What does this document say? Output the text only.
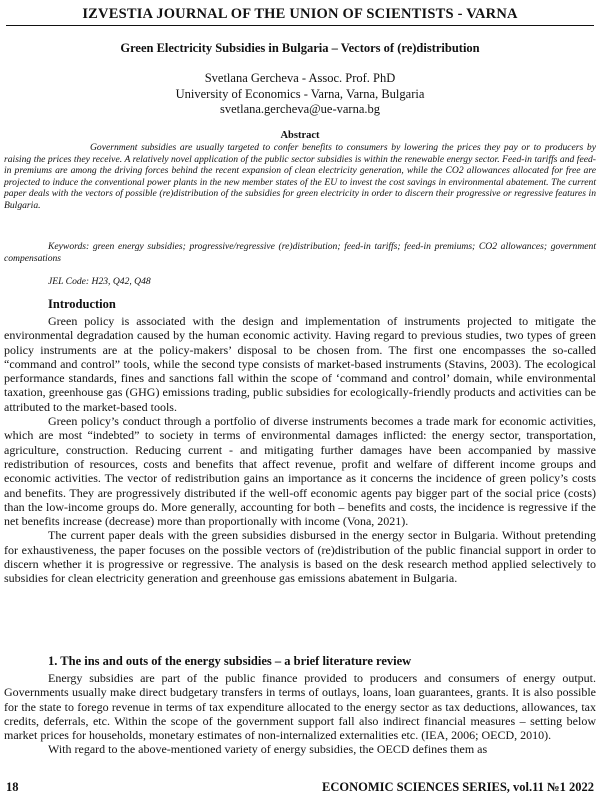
IZVESTIA JOURNAL OF THE UNION OF SCIENTISTS - VARNA
Green Electricity Subsidies in Bulgaria – Vectors of (re)distribution
Svetlana Gercheva - Assoc. Prof. PhD
University of Economics - Varna, Varna, Bulgaria
svetlana.gercheva@ue-varna.bg
Abstract

Government subsidies are usually targeted to confer benefits to consumers by lowering the prices they pay or to producers by raising the prices they receive. A relatively novel application of the public sector subsidies is within the renewable energy sector. Feed-in tariffs and feed-in premiums are among the driving forces behind the recent expansion of clean electricity generation, while the CO2 allowances allocated for free are projected to induce the conventional power plants in the new member states of the EU to invest the cost savings in environmental abatement. The current paper deals with the vectors of possible (re)distribution of the subsidies for green electricity in order to discern their progressive or regressive features in Bulgaria.

Keywords: green energy subsidies; progressive/regressive (re)distribution; feed-in tariffs; feed-in premiums; CO2 allowances; government compensations

JEL Code: H23, Q42, Q48
Introduction

Green policy is associated with the design and implementation of instruments projected to mitigate the environmental degradation caused by the human economic activity. Having regard to previous studies, two types of green policy instruments are at the policy-makers’ disposal to be chosen from. The first one encompasses the so-called “command and control” tools, while the second type consists of market-based instruments (Stavins, 2003). The ecological performance standards, fines and sanctions fall within the scope of ‘command and control’ domain, while environmental taxation, greenhouse gas (GHG) emissions trading, public subsidies for ecologically-friendly products and activities can be attributed to the market-based tools.

Green policy’s conduct through a portfolio of diverse instruments becomes a trade mark for economic activities, which are most “indebted” to society in terms of environmental damages inflicted: the energy sector, transportation, agriculture, construction. Reducing current - and mitigating further damages have been accompanied by massive redistribution of resources, costs and benefits that affect revenue, profit and welfare of different income groups and economic activities. The vector of redistribution gains an importance as it concerns the incidence of green policy’s costs and benefits. They are progressively distributed if the well-off economic agents pay bigger part of the social price (costs) than the low-income groups do. More generally, accounting for both – benefits and costs, the incidence is regressive if the net benefits increase (decrease) more than proportionally with income (Vona, 2021).

The current paper deals with the green subsidies disbursed in the energy sector in Bulgaria. Without pretending for exhaustiveness, the paper focuses on the possible vectors of (re)distribution of the public financial support in order to discern whether it is progressive or regressive. The analysis is based on the desk research method applied selectively to subsidies for clean electricity generation and greenhouse gas emissions abatement in Bulgaria.

1. The ins and outs of the energy subsidies – a brief literature review

Energy subsidies are part of the public finance provided to producers and consumers of energy output. Governments usually make direct budgetary transfers in terms of outlays, loans, loan guarantees, grants. It is also possible for the state to forego revenue in terms of tax expenditure allocated to the energy sector as tax deductions, allowances, tax credits, deferrals, etc. Within the scope of the government support fall also indirect financial measures – setting below market prices for households, monetary estimates of non-internalized externalities etc. (IEA, 2006; OECD, 2010).

With regard to the above-mentioned variety of energy subsidies, the OECD defines them as

18	ECONOMIC SCIENCES SERIES, vol.11 №1 2022
